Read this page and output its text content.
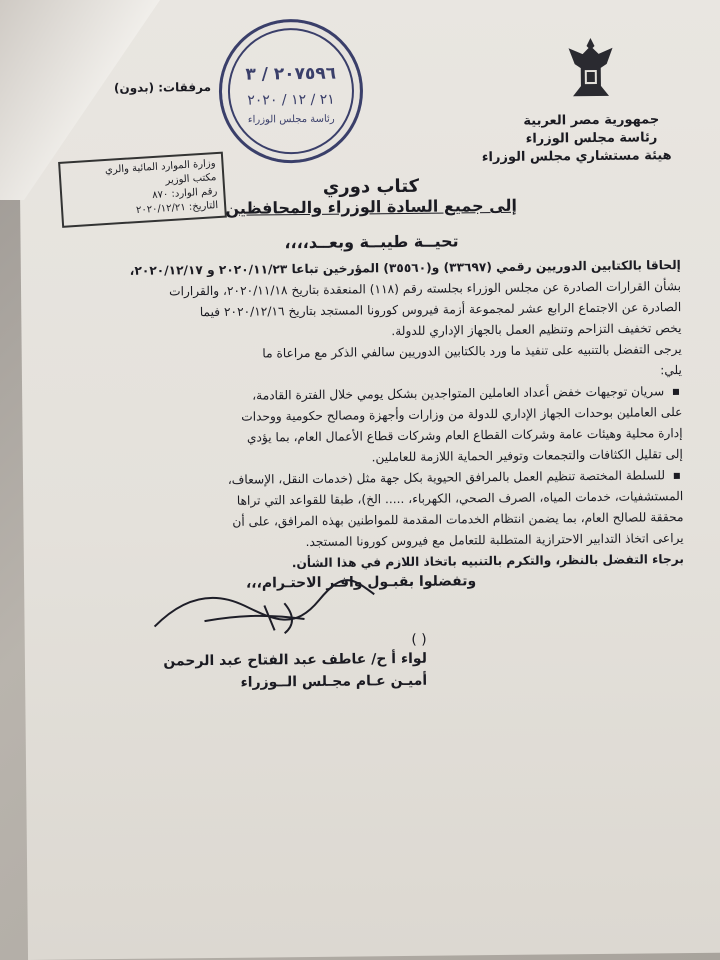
جمهورية مصر العربية
رئاسة مجلس الوزراء
هيئة مستشاري مجلس الوزراء
٢٠٧٥٩٦ / ٣
٢١ / ١٢ / ٢٠٢٠
رئاسة مجلس الوزراء
مرفقات: (بدون)
وزارة الموارد المائية والري
مكتب الوزير
رقم الوارد: ٨٧٠
التاريخ: ٢٠٢٠/١٢/٢١
كتاب دوري
إلى جميع السادة الوزراء والمحافظين
تحيــة طيبــة وبعــد،،،،

إلحاقا بالكتابين الدوريين رقمي (٣٣٦٩٧) و(٣٥٥٦٠) المؤرخين تباعا ٢٠٢٠/١١/٢٣ و ٢٠٢٠/١٢/١٧،

بشأن القرارات الصادرة عن مجلس الوزراء بجلسته رقم (١١٨) المنعقدة بتاريخ ٢٠٢٠/١١/١٨، والقرارات

الصادرة عن الاجتماع الرابع عشر لمجموعة أزمة فيروس كورونا المستجد بتاريخ ٢٠٢٠/١٢/١٦ فيما

يخص تخفيف التزاحم وتنظيم العمل بالجهاز الإداري للدولة.

يرجى التفضل بالتنبيه على تنفيذ ما ورد بالكتابين الدوريين سالفي الذكر مع مراعاة ما

يلي:

▪ سريان توجيهات خفض أعداد العاملين المتواجدين بشكل يومي خلال الفترة القادمة،

على العاملين بوحدات الجهاز الإداري للدولة من وزارات وأجهزة ومصالح حكومية ووحدات

إدارة محلية وهيئات عامة وشركات القطاع العام وشركات قطاع الأعمال العام، بما يؤدي

إلى تقليل الكثافات والتجمعات وتوفير الحماية اللازمة للعاملين.

▪ للسلطة المختصة تنظيم العمل بالمرافق الحيوية بكل جهة مثل (خدمات النقل، الإسعاف،

المستشفيات، خدمات المياه، الصرف الصحي، الكهرباء، ..... الخ)، طبقا للقواعد التي تراها

محققة للصالح العام، بما يضمن انتظام الخدمات المقدمة للمواطنين بهذه المرافق، على أن

يراعى اتخاذ التدابير الاحترازية المتطلبة للتعامل مع فيروس كورونا المستجد.

برجاء التفضل بالنظر، والتكرم بالتنبيه باتخاذ اللازم في هذا الشأن.

وتفضلوا بقبـول وافـر الاحتـرام،،،
( )
لواء أ ح/ عاطف عبد الفتاح عبد الرحمن
أميـن عـام مجـلس الــوزراء
